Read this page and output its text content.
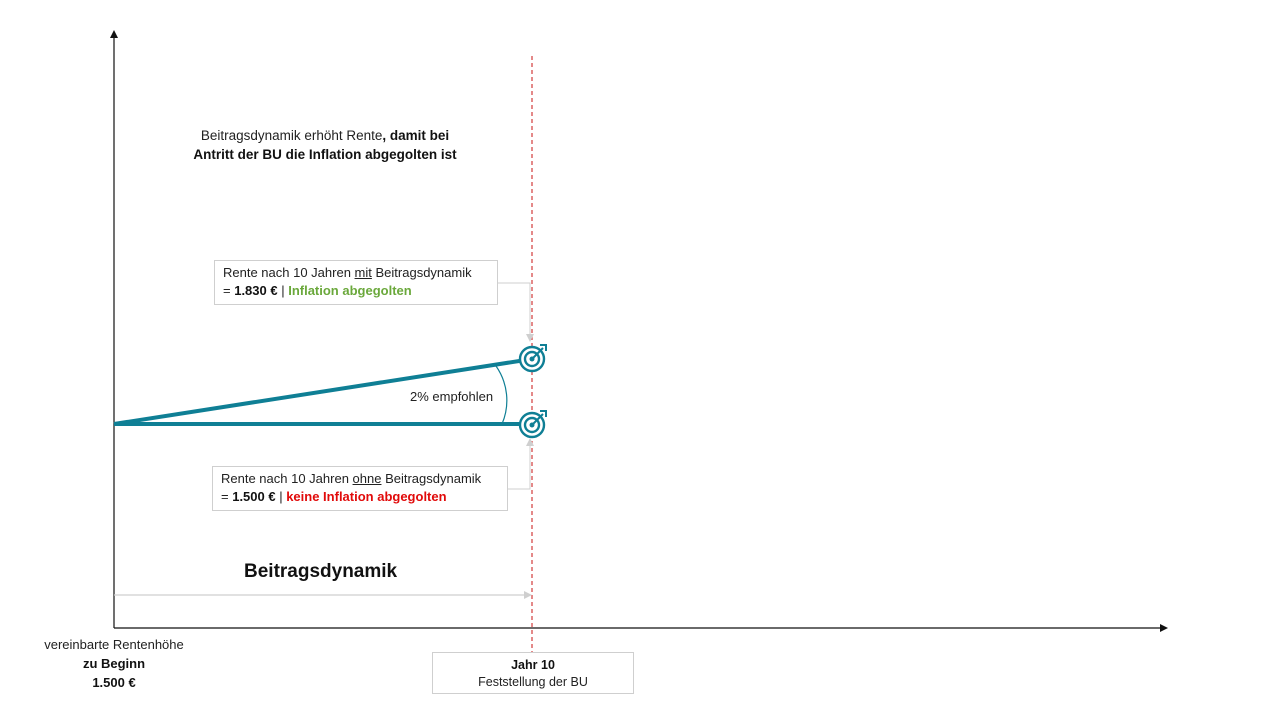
Beitragsdynamik erhöht Rente, damit bei
Antritt der BU die Inflation abgegolten ist
Rente nach 10 Jahren mit Beitragsdynamik
= 1.830 € | Inflation abgegolten
Rente nach 10 Jahren ohne Beitragsdynamik
= 1.500 € | keine Inflation abgegolten
2% empfohlen
Beitragsdynamik
vereinbarte Rentenhöhe
zu Beginn
1.500 €
Jahr 10
Feststellung der BU
